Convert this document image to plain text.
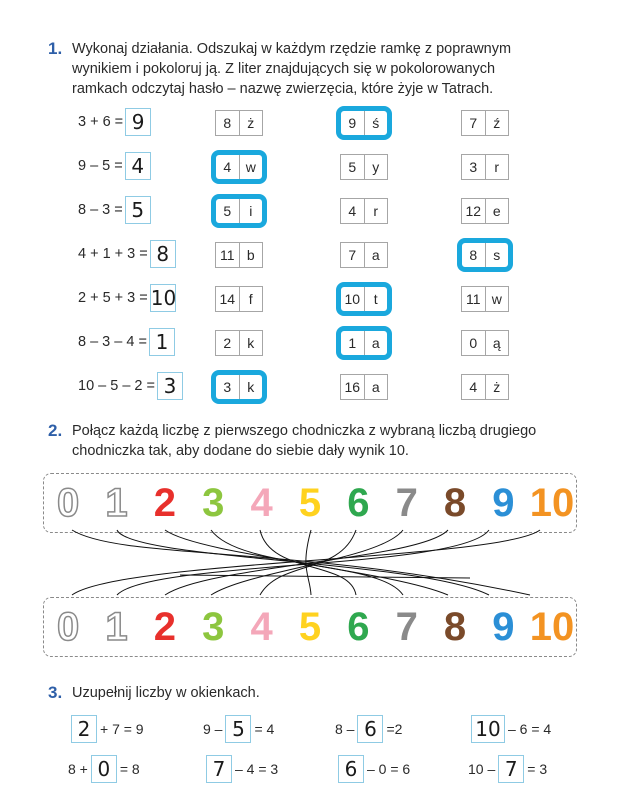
1. Wykonaj działania. Odszukaj w każdym rzędzie ramkę z poprawnym
wynikiem i pokoloruj ją. Z liter znajdujących się w pokolorowanych
ramkach odczytaj hasło – nazwę zwierzęcia, które żyje w Tatrach.
3 + 6 = 9	8	ż	9	ś	7	ź
9 – 5 = 4	4	w	5	y	3	r
8 – 3 = 5	5	i	4	r	12 e
4 + 1 + 3 = 8	11 b	7	a	8	s
2 + 5 + 3 = 10	14 f	10 t	11 w
8 – 3 – 4 = 1	2	k	1	a	0	ą
10 – 5 – 2 = 3	3	k	16 a	4	ż
2. Połącz każdą liczbę z pierwszego chodniczka z wybraną liczbą drugiego
chodniczka tak, aby dodane do siebie dały wynik 10.
0 1 2 3 4 5 6 7 8 9 10
0 1 2 3 4 5 6 7 8 9 10
3. Uzupełnij liczby w okienkach.
2 + 7 = 9	9 – 5 = 4	8 – 6 =2	10 – 6 = 4
8 + 0 = 8	7 – 4 = 3	6 – 0 = 6	10 – 7 = 3
